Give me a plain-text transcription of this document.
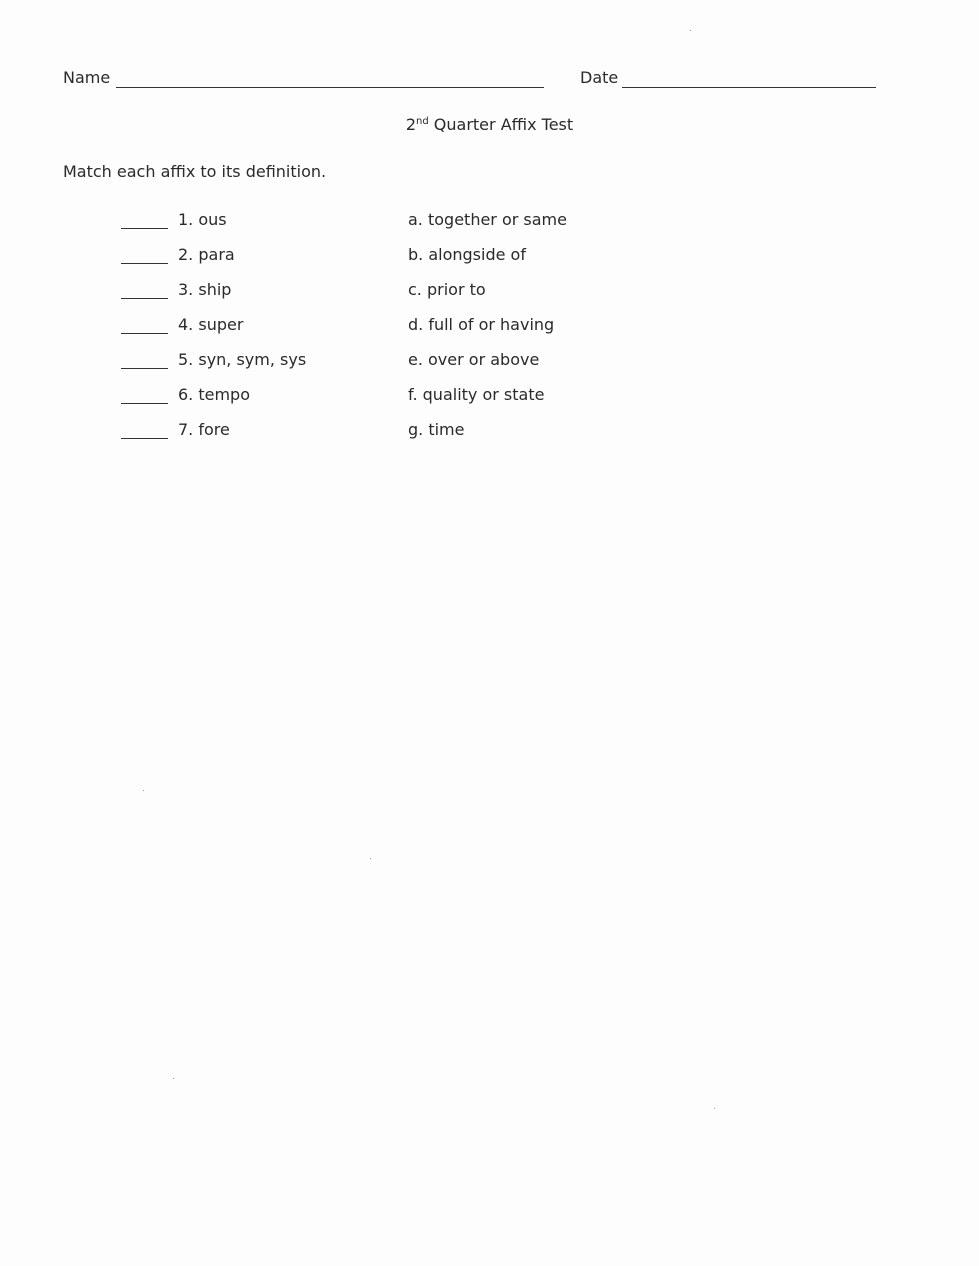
Name	Date
2nd Quarter Affix Test
Match each affix to its definition.
1. ous	a. together or same
2. para	b. alongside of
3. ship	c. prior to
4. super	d. full of or having
5. syn, sym, sys	e. over or above
6. tempo	f. quality or state
7. fore	g. time
